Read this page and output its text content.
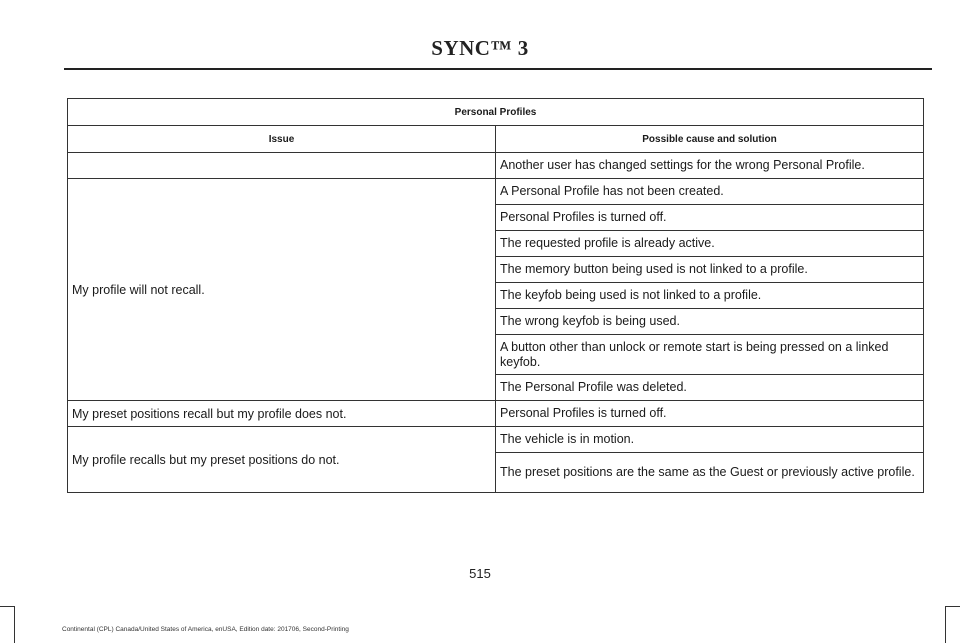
SYNC™ 3
Personal Profiles	
Issue	Possible cause and solution
	Another user has changed settings for the wrong Personal Profile.
My profile will not recall.	A Personal Profile has not been created.
	Personal Profiles is turned off.
	The requested profile is already active.
	The memory button being used is not linked to a profile.
	The keyfob being used is not linked to a profile.
	The wrong keyfob is being used.
	A button other than unlock or remote start is being pressed on a linked keyfob.
	The Personal Profile was deleted.
My preset positions recall but my profile does not.	Personal Profiles is turned off.
My profile recalls but my preset positions do not.	The vehicle is in motion.
	The preset positions are the same as the Guest or previously active profile.
515
Continental (CPL) Canada/United States of America, enUSA, Edition date: 201706, Second-Printing
